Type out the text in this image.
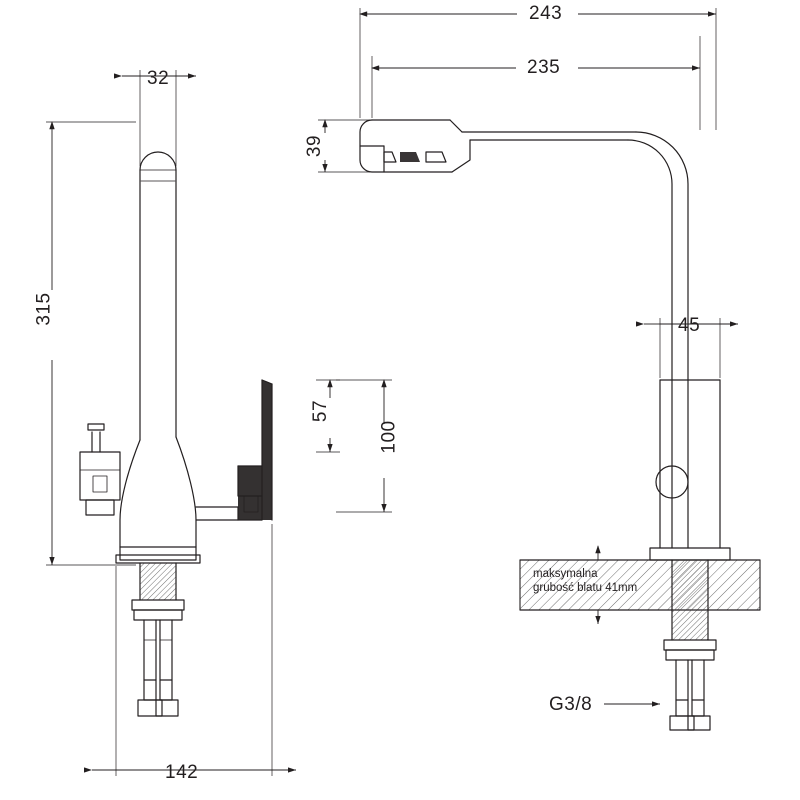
243
235
39
32
315
57
100
45
142
G3/8
maksymalna
grubość blatu 41mm
